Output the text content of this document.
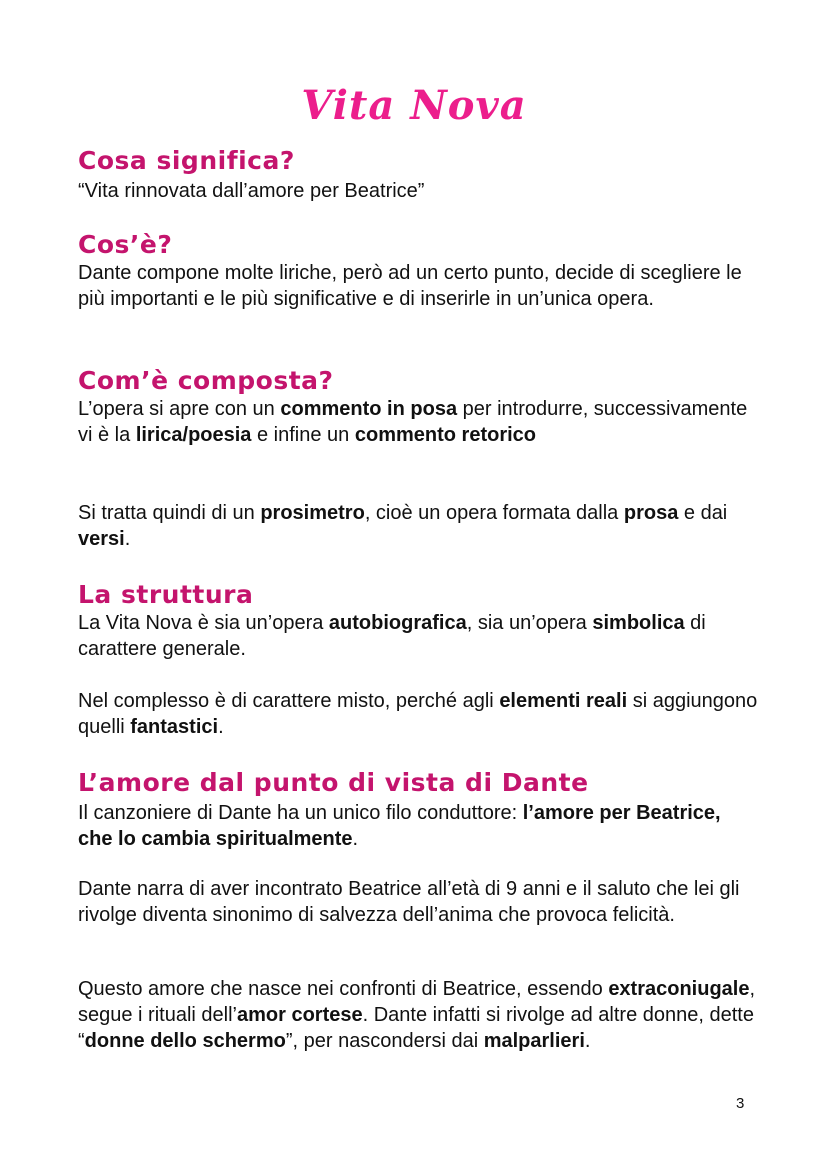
Vita Nova
Cosa significa?

“Vita rinnovata dall’amore per Beatrice”

Cos’è?

Dante compone molte liriche, però ad un certo punto, decide di scegliere le più importanti e le più significative e di inserirle in un’unica opera.

Com’è composta?

L’opera si apre con un commento in posa per introdurre, successivamente vi è la lirica/poesia e infine un commento retorico

Si tratta quindi di un prosimetro, cioè un opera formata dalla prosa e dai versi.

La struttura

La Vita Nova è sia un’opera autobiografica, sia un’opera simbolica di carattere generale.

Nel complesso è di carattere misto, perché agli elementi reali si aggiungono quelli fantastici.

L’amore dal punto di vista di Dante

Il canzoniere di Dante ha un unico filo conduttore: l’amore per Beatrice, che lo cambia spiritualmente.

Dante narra di aver incontrato Beatrice all’età di 9 anni e il saluto che lei gli rivolge diventa sinonimo di salvezza dell’anima che provoca felicità.

Questo amore che nasce nei confronti di Beatrice, essendo extraconiugale, segue i rituali dell’amor cortese. Dante infatti si rivolge ad altre donne, dette “donne dello schermo”, per nascondersi dai malparlieri.

3
